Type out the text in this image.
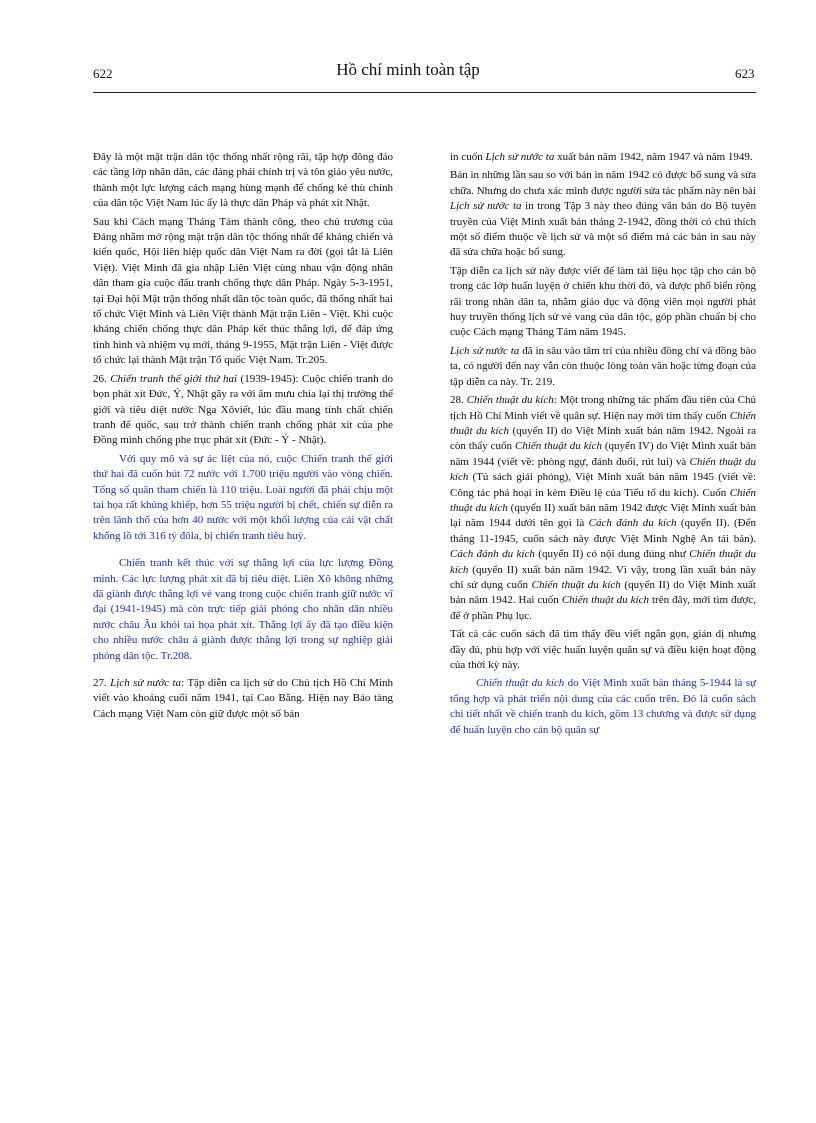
622	Hồ chí minh toàn tập	623

Đây là một mặt trận dân tộc thống nhất rộng rãi, tập hợp đông đảo các tầng lớp nhân dân, các đảng phái chính trị và tôn giáo yêu nước, thành một lực lượng cách mạng hùng mạnh để chống kẻ thù chính của dân tộc Việt Nam lúc ấy là thực dân Pháp và phát xít Nhật.

Sau khi Cách mạng Tháng Tám thành công, theo chủ trương của Đảng nhằm mở rộng mặt trận dân tộc thống nhất để kháng chiến và kiến quốc, Hội liên hiệp quốc dân Việt Nam ra đời (gọi tắt là Liên Việt). Việt Minh đã gia nhập Liên Việt cùng nhau vận động nhân dân tham gia cuộc đấu tranh chống thực dân Pháp. Ngày 5-3-1951, tại Đại hội Mặt trận thống nhất dân tộc toàn quốc, đã thống nhất hai tổ chức Việt Minh và Liên Việt thành Mặt trận Liên - Việt. Khi cuộc kháng chiến chống thực dân Pháp kết thúc thắng lợi, để đáp ứng tình hình và nhiệm vụ mới, tháng 9-1955, Mặt trận Liên - Việt được tổ chức lại thành Mặt trận Tổ quốc Việt Nam. Tr.205.

26. Chiến tranh thế giới thứ hai (1939-1945): Cuộc chiến tranh do bọn phát xít Đức, Ý, Nhật gây ra với âm mưu chia lại thị trường thế giới và tiêu diệt nước Nga Xôviết, lúc đầu mang tính chất chiến tranh đế quốc, sau trở thành chiến tranh chống phát xít của phe Đồng minh chống phe trục phát xít (Đức - Ý - Nhật).

Với quy mô và sự ác liệt của nó, cuộc Chiến tranh thế giới thứ hai đã cuốn hút 72 nước với 1.700 triệu người vào vòng chiến. Tổng số quân tham chiến là 110 triệu. Loài người đã phải chịu một tai họa rất khủng khiếp, hơn 55 triệu người bị chết, chiến sự diễn ra trên lãnh thổ của hơn 40 nước với một khối lượng của cải vật chất khổng lồ tới 316 tỷ đôla, bị chiến tranh tiêu huỷ.

Chiến tranh kết thúc với sự thắng lợi của lực lượng Đồng minh. Các lực lượng phát xít đã bị tiêu diệt. Liên Xô không những đã giành được thắng lợi vẻ vang trong cuộc chiến tranh giữ nước vĩ đại (1941-1945) mà còn trực tiếp giải phóng cho nhân dân nhiều nước châu Âu khỏi tai họa phát xít. Thắng lợi ấy đã tạo điều kiện cho nhiều nước châu á giành được thắng lợi trong sự nghiệp giải phóng dân tộc. Tr.208.

27. Lịch sử nước ta: Tập diễn ca lịch sử do Chủ tịch Hồ Chí Minh viết vào khoảng cuối năm 1941, tại Cao Bằng. Hiện nay Bảo tàng Cách mạng Việt Nam còn giữ được một số bản

in cuốn Lịch sử nước ta xuất bản năm 1942, năm 1947 và năm 1949.

Bản in những lần sau so với bản in năm 1942 có được bổ sung và sửa chữa. Nhưng do chưa xác minh được người sửa tác phẩm này nên bài Lịch sử nước ta in trong Tập 3 này theo đúng văn bản do Bộ tuyên truyền của Việt Minh xuất bản tháng 2-1942, đồng thời có chú thích một số điểm thuộc về lịch sử và một số điểm mà các bản in sau này đã sửa chữa hoặc bổ sung.

Tập diễn ca lịch sử này được viết để làm tài liệu học tập cho cán bộ trong các lớp huấn luyện ở chiến khu thời đó, và được phổ biến rộng rãi trong nhân dân ta, nhằm giáo dục và động viên mọi người phát huy truyền thống lịch sử vẻ vang của dân tộc, góp phần chuẩn bị cho cuộc Cách mạng Tháng Tám năm 1945.

Lịch sử nước ta đã in sâu vào tâm trí của nhiều đồng chí và đồng bào ta, có người đến nay vẫn còn thuộc lòng toàn văn hoặc từng đoạn của tập diễn ca này. Tr. 219.

28. Chiến thuật du kích: Một trong những tác phẩm đầu tiên của Chủ tịch Hồ Chí Minh viết về quân sự. Hiện nay mới tìm thấy cuốn Chiến thuật du kích (quyển II) do Việt Minh xuất bản năm 1942. Ngoài ra còn thấy cuốn Chiến thuật du kích (quyển IV) do Việt Minh xuất bản năm 1944 (viết về: phòng ngự, đánh đuổi, rút lui) và Chiến thuật du kích (Tủ sách giải phóng), Việt Minh xuất bản năm 1945 (viết về: Công tác phá hoại in kèm Điều lệ của Tiểu tổ du kích). Cuốn Chiến thuật du kích (quyển II) xuất bản năm 1942 được Việt Minh xuất bản lại năm 1944 dưới tên gọi là Cách đánh du kích (quyển II). (Đến tháng 11-1945, cuốn sách này được Việt Minh Nghệ An tái bản). Cách đánh du kích (quyển II) có nội dung đúng như Chiến thuật du kích (quyển II) xuất bản năm 1942. Vì vậy, trong lần xuất bản này chỉ sử dụng cuốn Chiến thuật du kích (quyển II) do Việt Minh xuất bản năm 1942. Hai cuốn Chiến thuật du kích trên đây, mới tìm được, để ở phần Phụ lục.

Tất cả các cuốn sách đã tìm thấy đều viết ngắn gọn, giản dị nhưng đầy đủ, phù hợp với việc huấn luyện quân sự và điều kiện hoạt động của thời kỳ này.

Chiến thuật du kích do Việt Minh xuất bản tháng 5-1944 là sự tổng hợp và phát triển nội dung của các cuốn trên. Đó là cuốn sách chi tiết nhất về chiến tranh du kích, gồm 13 chương và được sử dụng để huấn luyện cho cán bộ quân sự
